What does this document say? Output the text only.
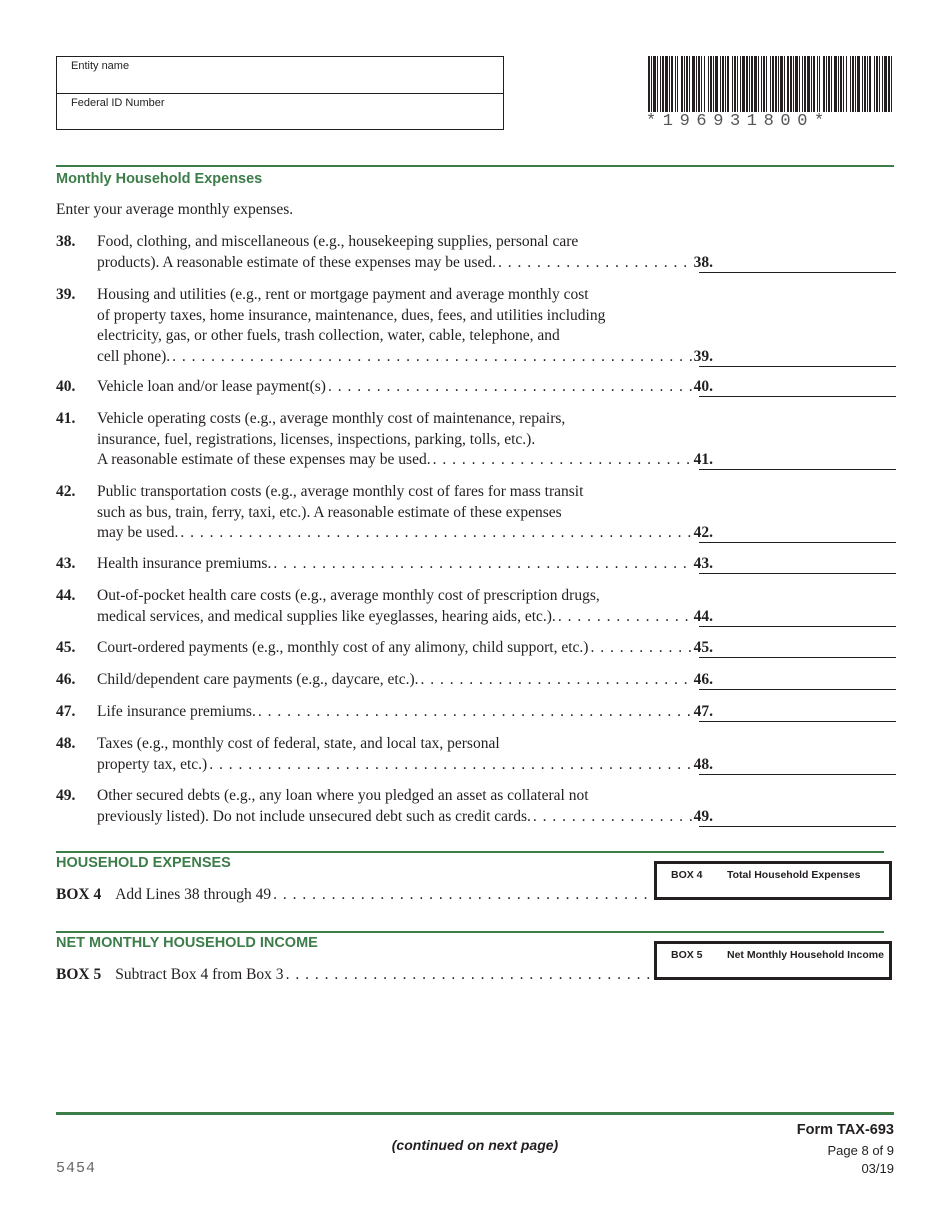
Entity name
Federal ID Number
*196931800*
Monthly Household Expenses
Enter your average monthly expenses.
38. Food, clothing, and miscellaneous (e.g., housekeeping supplies, personal care
products). A reasonable estimate of these expenses may be used. . . .	38.
39. Housing and utilities (e.g., rent or mortgage payment and average monthly cost
of property taxes, home insurance, maintenance, dues, fees, and utilities including
electricity, gas, or other fuels, trash collection, water, cable, telephone, and
cell phone). . . .	39.
40. Vehicle loan and/or lease payment(s) . . .	40.
41. Vehicle operating costs (e.g., average monthly cost of maintenance, repairs,
insurance, fuel, registrations, licenses, inspections, parking, tolls, etc.).
A reasonable estimate of these expenses may be used. . . .	41.
42. Public transportation costs (e.g., average monthly cost of fares for mass transit
such as bus, train, ferry, taxi, etc.). A reasonable estimate of these expenses
may be used. . . .	42.
43. Health insurance premiums. . . .	43.
44. Out-of-pocket health care costs (e.g., average monthly cost of prescription drugs,
medical services, and medical supplies like eyeglasses, hearing aids, etc.). . . .	44.
45. Court-ordered payments (e.g., monthly cost of any alimony, child support, etc.) . . .	45.
46. Child/dependent care payments (e.g., daycare, etc.). . . .	46.
47. Life insurance premiums. . . .	47.
48. Taxes (e.g., monthly cost of federal, state, and local tax, personal
property tax, etc.) . . .	48.
49. Other secured debts (e.g., any loan where you pledged an asset as collateral not
previously listed). Do not include unsecured debt such as credit cards. . . .	49.
HOUSEHOLD EXPENSES
BOX 4 Add Lines 38 through 49
. . .
BOX 4 Total Household Expenses
NET MONTHLY HOUSEHOLD INCOME
BOX 5 Subtract Box 4 from Box 3
. . .
BOX 5 Net Monthly Household Income
(continued on next page)
Form TAX-693
Page 8 of 9
03/19
5454
